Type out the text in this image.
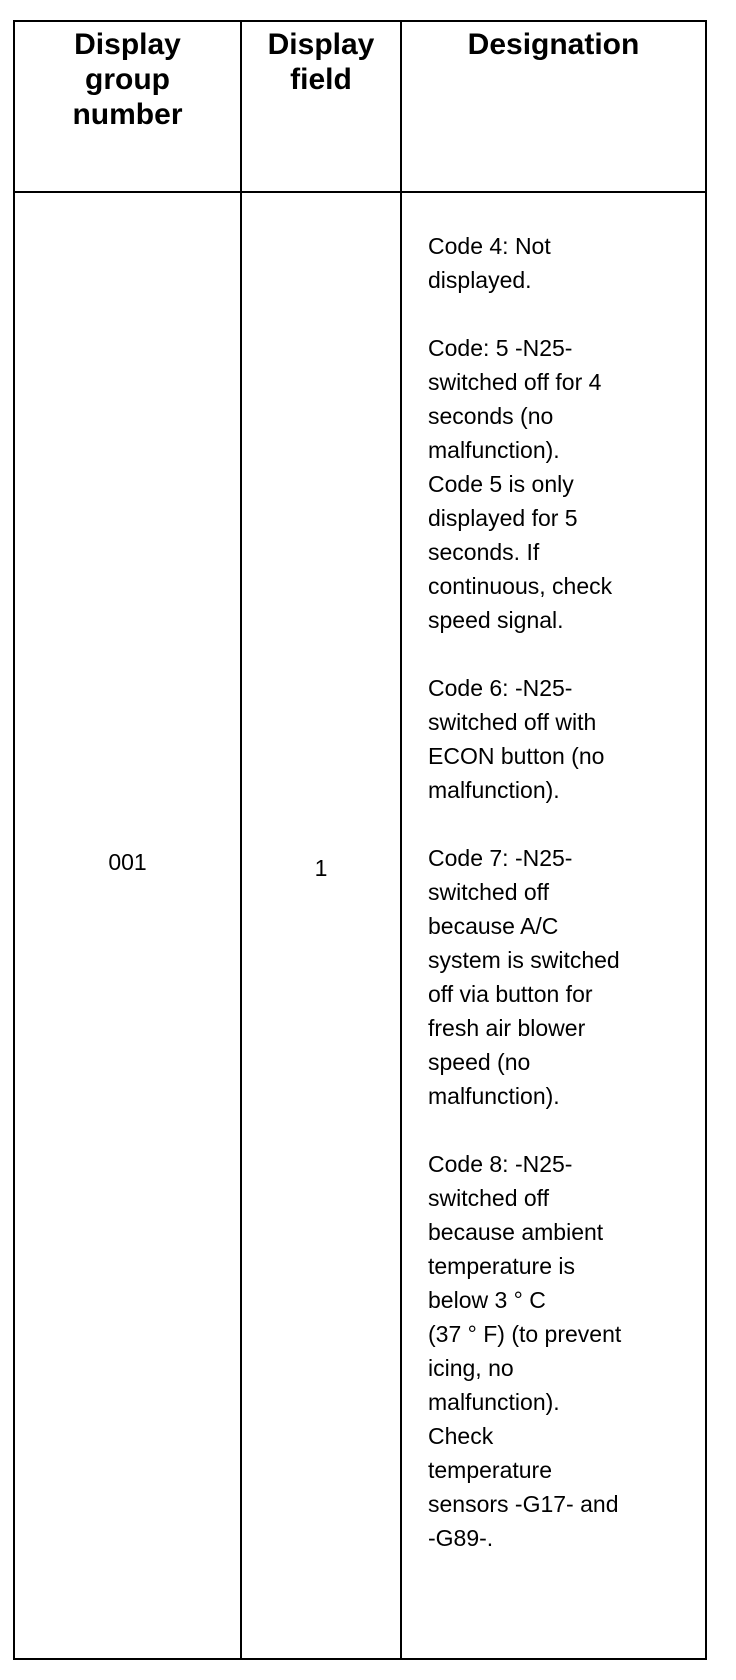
Display
group
number
Display
field
Designation
001	1

Code 4: Not
displayed.

Code: 5 -N25-
switched off for 4
seconds (no
malfunction).
Code 5 is only
displayed for 5
seconds. If
continuous, check
speed signal.

Code 6: -N25-
switched off with
ECON button (no
malfunction).

Code 7: -N25-
switched off
because A/C
system is switched
off via button for
fresh air blower
speed (no
malfunction).

Code 8: -N25-
switched off
because ambient
temperature is
below 3 ° C
(37 ° F) (to prevent
icing, no
malfunction).
Check
temperature
sensors -G17- and
-G89-.
